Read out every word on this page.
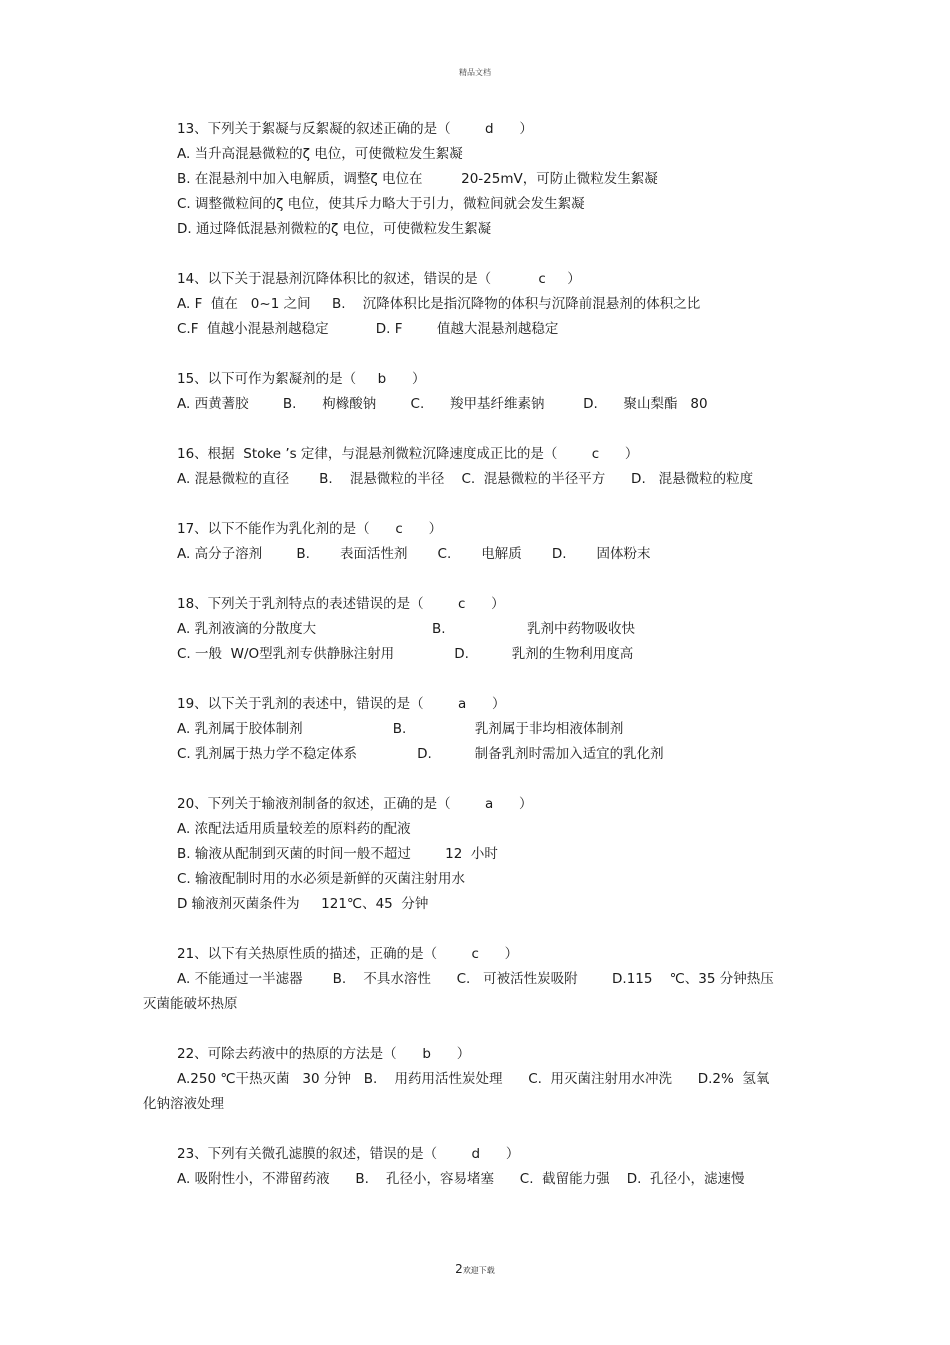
精品文档
13、下列关于絮凝与反絮凝的叙述正确的是（        d      ）
A. 当升高混悬微粒的ζ 电位，可使微粒发生絮凝
B. 在混悬剂中加入电解质，调整ζ 电位在         20-25mV，可防止微粒发生絮凝
C. 调整微粒间的ζ 电位，使其斥力略大于引力，微粒间就会发生絮凝
D. 通过降低混悬剂微粒的ζ 电位，可使微粒发生絮凝
14、以下关于混悬剂沉降体积比的叙述，错误的是（           c     ）
A. F  值在   0~1 之间     B.    沉降体积比是指沉降物的体积与沉降前混悬剂的体积之比
C.F  值越小混悬剂越稳定           D. F        值越大混悬剂越稳定
15、以下可作为絮凝剂的是（     b      ）
A. 西黄蓍胶        B.      枸橼酸钠        C.      羧甲基纤维素钠         D.      聚山梨酯   80
16、根据  Stoke ’s 定律，与混悬剂微粒沉降速度成正比的是（        c      ）
A. 混悬微粒的直径       B.    混悬微粒的半径    C.  混悬微粒的半径平方      D.   混悬微粒的粒度
17、以下不能作为乳化剂的是（      c      ）
A. 高分子溶剂        B.       表面活性剂       C.       电解质       D.       固体粉末
18、下列关于乳剂特点的表述错误的是（        c      ）
A. 乳剂液滴的分散度大                           B.                   乳剂中药物吸收快
C. 一般  W/O型乳剂专供静脉注射用              D.          乳剂的生物利用度高
19、以下关于乳剂的表述中，错误的是（        a      ）
A. 乳剂属于胶体制剂                     B.                乳剂属于非均相液体制剂
C. 乳剂属于热力学不稳定体系              D.          制备乳剂时需加入适宜的乳化剂
20、下列关于输液剂制备的叙述，正确的是（        a      ）
A. 浓配法适用质量较差的原料药的配液
B. 输液从配制到灭菌的时间一般不超过        12  小时
C. 输液配制时用的水必须是新鲜的灭菌注射用水
D 输液剂灭菌条件为     121℃、45  分钟
21、以下有关热原性质的描述，正确的是（        c      ）
A. 不能通过一半滤器       B.    不具水溶性      C.   可被活性炭吸附        D.115    ℃、35 分钟热压
灭菌能破坏热原
22、可除去药液中的热原的方法是（      b      ）
A.250 ℃干热灭菌   30 分钟   B.    用药用活性炭处理      C.  用灭菌注射用水冲洗      D.2%  氢氧
化钠溶液处理
23、下列有关微孔滤膜的叙述，错误的是（        d      ）
A. 吸附性小，不滞留药液      B.    孔径小，容易堵塞      C.  截留能力强    D.  孔径小，滤速慢
2欢迎下载
